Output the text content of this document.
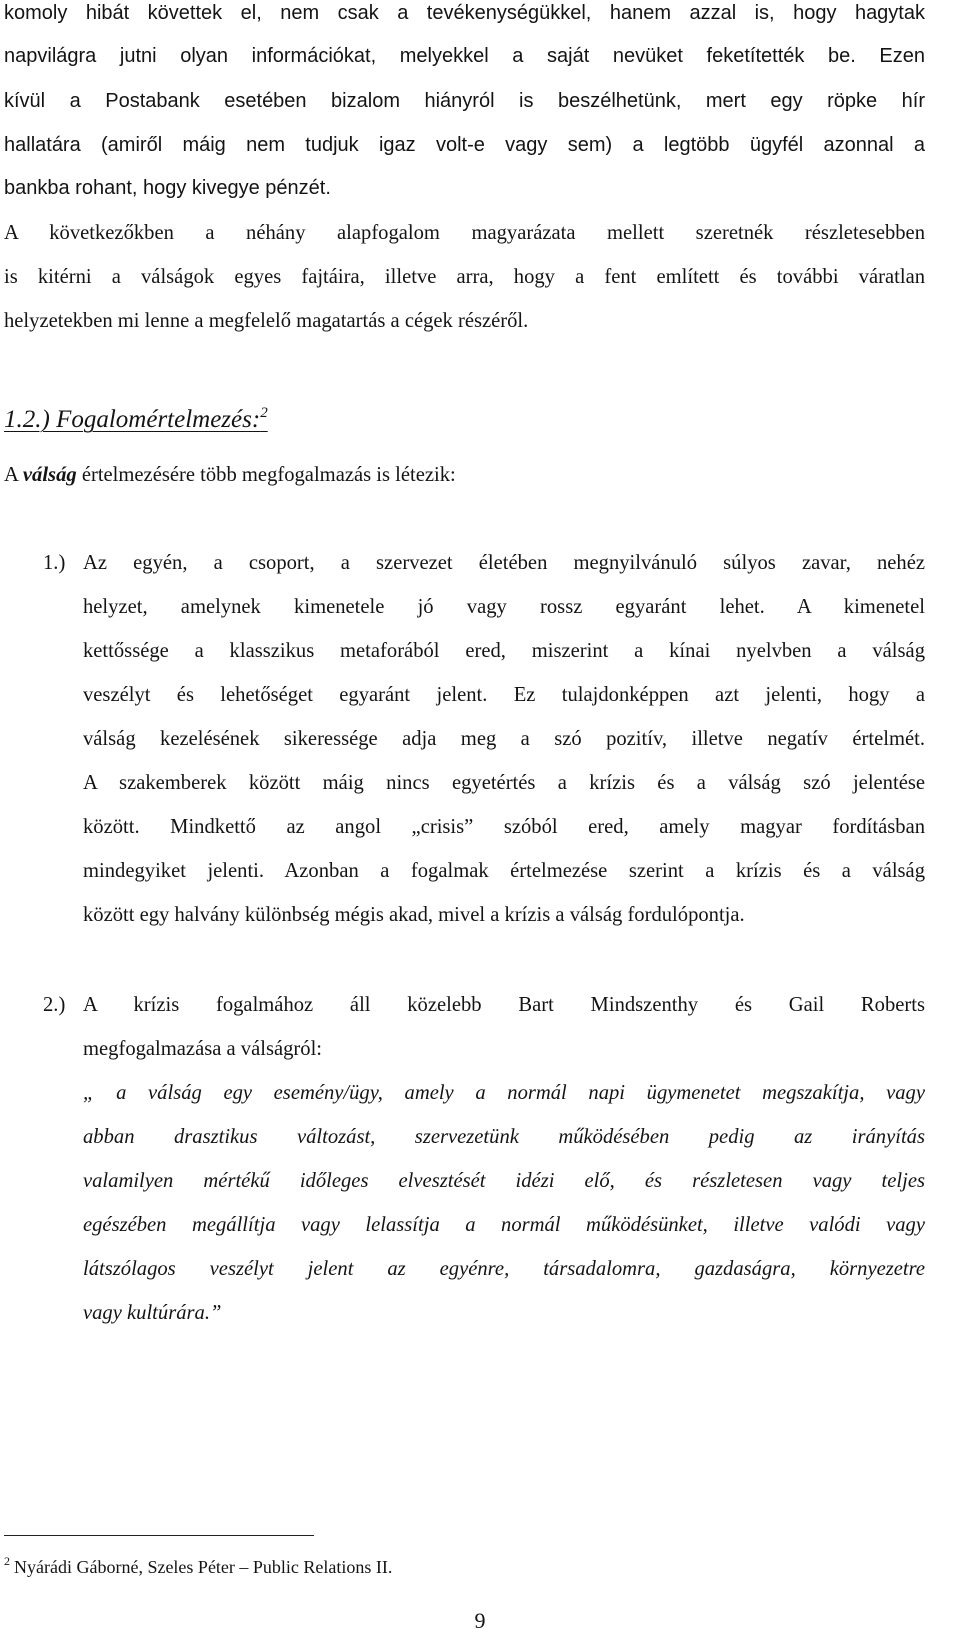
komoly hibát követtek el, nem csak a tevékenységükkel, hanem azzal is, hogy hagytak
napvilágra jutni olyan információkat, melyekkel a saját nevüket feketítették be. Ezen
kívül a Postabank esetében bizalom hiányról is beszélhetünk, mert egy röpke hír
hallatára (amiről máig nem tudjuk igaz volt-e vagy sem) a legtöbb ügyfél azonnal a
bankba rohant, hogy kivegye pénzét.
A következőkben a néhány alapfogalom magyarázata mellett szeretnék részletesebben
is kitérni a válságok egyes fajtáira, illetve arra, hogy a fent említett és további váratlan
helyzetekben mi lenne a megfelelő magatartás a cégek részéről.
1.2.) Fogalomértelmezés:$^2$
A válság értelmezésére több megfogalmazás is létezik:
1.) Az egyén, a csoport, a szervezet életében megnyilvánuló súlyos zavar, nehéz
helyzet, amelynek kimenetele jó vagy rossz egyaránt lehet. A kimenetel
kettőssége a klasszikus metaforából ered, miszerint a kínai nyelvben a válság
veszélyt és lehetőséget egyaránt jelent. Ez tulajdonképpen azt jelenti, hogy a
válság kezelésének sikeressége adja meg a szó pozitív, illetve negatív értelmét.
A szakemberek között máig nincs egyetértés a krízis és a válság szó jelentése
között. Mindkettő az angol „crisis” szóból ered, amely magyar fordításban
mindegyiket jelenti. Azonban a fogalmak értelmezése szerint a krízis és a válság
között egy halvány különbség mégis akad, mivel a krízis a válság fordulópontja.
2.) A krízis fogalmához áll közelebb Bart Mindszenthy és Gail Roberts
megfogalmazása a válságról:
„ a válság egy esemény/ügy, amely a normál napi ügymenetet megszakítja, vagy
abban drasztikus változást, szervezetünk működésében pedig az irányítás
valamilyen mértékű időleges elvesztését idézi elő, és részletesen vagy teljes
egészében megállítja vagy lelassítja a normál működésünket, illetve valódi vagy
látszólagos veszélyt jelent az egyénre, társadalomra, gazdaságra, környezetre
vagy kultúrára.”
$^2$ Nyárádi Gáborné, Szeles Péter – Public Relations II.
9
